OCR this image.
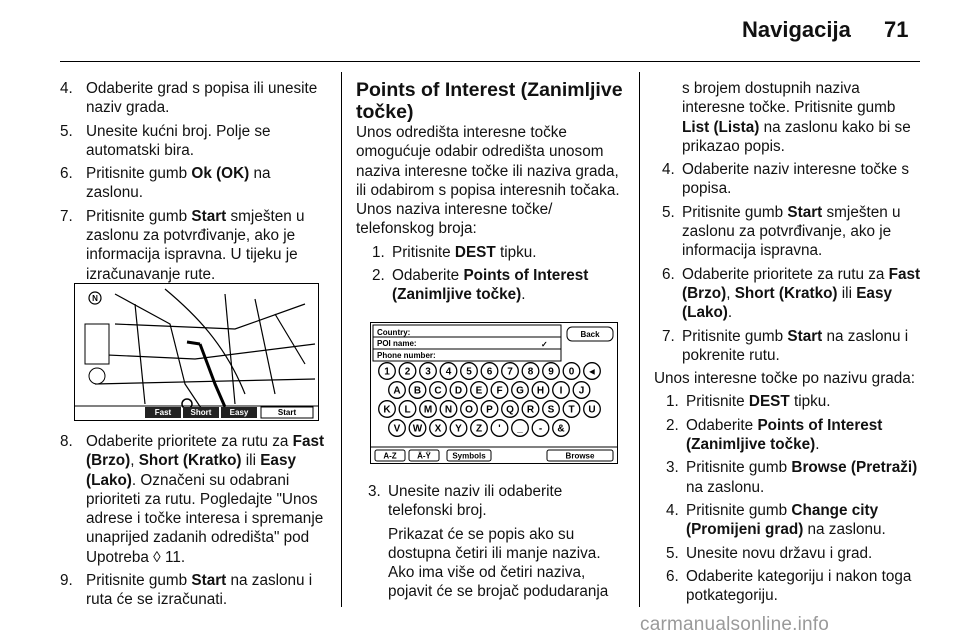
Navigacija 71
4. Odaberite grad s popisa ili unesite naziv grada.
5. Unesite kućni broj. Polje se automatski bira.
6. Pritisnite gumb Ok (OK) na zaslonu.
7. Pritisnite gumb Start smješten u zaslonu za potvrđivanje, ako je informacija ispravna. U tijeku je izračunavanje rute.
N
Fast Short Easy	Start
8. Odaberite prioritete za rutu za Fast (Brzo), Short (Kratko) ili Easy (Lako). Označeni su odabrani prioriteti za rutu. Pogledajte "Unos adrese i točke interesa i spremanje unaprijed zadanih odredišta" pod Upotreba ◊ 11.
9. Pritisnite gumb Start na zaslonu i ruta će se izračunati.

Points of Interest (Zanimljive točke)

Unos odredišta interesne točke omogućuje odabir odredišta unosom naziva interesne točke ili naziva grada, ili odabirom s popisa interesnih točaka.

Unos naziva interesne točke/ telefonskog broja:

1. Pritisnite DEST tipku.
2. Odaberite Points of Interest (Zanimljive točke).
Country:
POI name:	✓
Phone number:
Back
1 2 3 4 5 6 7 8 9 0 ◂
A B C D E F G H I J
K L M N O P Q R S T U
V W X Y Z ' _ - &
A-Z	Ä-Ÿ	Symbols	Browse
3. Unesite naziv ili odaberite telefonski broj.

Prikazat će se popis ako su dostupna četiri ili manje naziva. Ako ima više od četiri naziva, pojavit će se brojač podudaranja

s brojem dostupnih naziva interesne točke. Pritisnite gumb List (Lista) na zaslonu kako bi se prikazao popis.

4. Odaberite naziv interesne točke s popisa.
5. Pritisnite gumb Start smješten u zaslonu za potvrđivanje, ako je informacija ispravna.
6. Odaberite prioritete za rutu za Fast (Brzo), Short (Kratko) ili Easy (Lako).
7. Pritisnite gumb Start na zaslonu i pokrenite rutu.

Unos interesne točke po nazivu grada:

1. Pritisnite DEST tipku.
2. Odaberite Points of Interest (Zanimljive točke).
3. Pritisnite gumb Browse (Pretraži) na zaslonu.
4. Pritisnite gumb Change city (Promijeni grad) na zaslonu.
5. Unesite novu državu i grad.
6. Odaberite kategoriju i nakon toga potkategoriju.
carmanualsonline.info
